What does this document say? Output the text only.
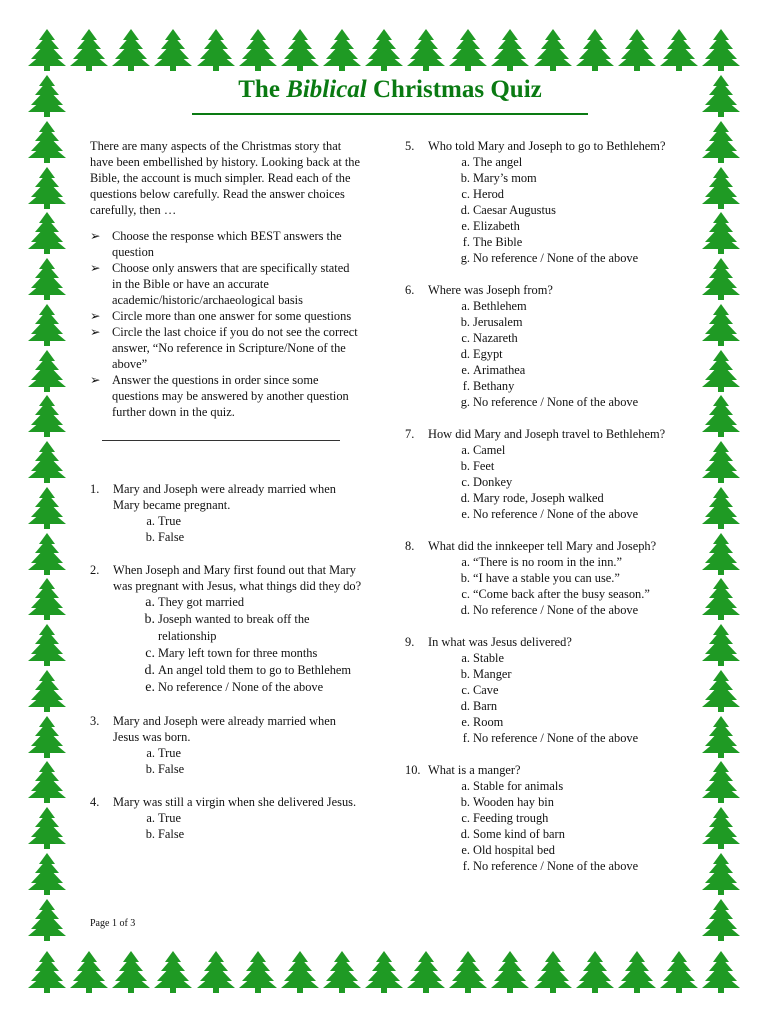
The Biblical Christmas Quiz

There are many aspects of the Christmas story that have been embellished by history. Looking back at the Bible, the account is much simpler. Read each of the questions below carefully. Read the answer choices carefully, then …

➢ Choose the response which BEST answers the question
➢ Choose only answers that are specifically stated in the Bible or have an accurate academic/historic/archaeological basis
➢ Circle more than one answer for some questions
➢ Circle the last choice if you do not see the correct answer, “No reference in Scripture/None of the above”
➢ Answer the questions in order since some questions may be answered by another question further down in the quiz.
1. Mary and Joseph were already married when Mary became pregnant.
a. True
b. False
2. When Joseph and Mary first found out that Mary was pregnant with Jesus, what things did they do?
a. They got married
b. Joseph wanted to break off the relationship
c. Mary left town for three months
d. An angel told them to go to Bethlehem
e. No reference / None of the above
3. Mary and Joseph were already married when Jesus was born.
a. True
b. False
4. Mary was still a virgin when she delivered Jesus.
a. True
b. False
5. Who told Mary and Joseph to go to Bethlehem?
a. The angel
b. Mary’s mom
c. Herod
d. Caesar Augustus
e. Elizabeth
f. The Bible
g. No reference / None of the above
6. Where was Joseph from?
a. Bethlehem
b. Jerusalem
c. Nazareth
d. Egypt
e. Arimathea
f. Bethany
g. No reference / None of the above
7. How did Mary and Joseph travel to Bethlehem?
a. Camel
b. Feet
c. Donkey
d. Mary rode, Joseph walked
e. No reference / None of the above
8. What did the innkeeper tell Mary and Joseph?
a. “There is no room in the inn.”
b. “I have a stable you can use.”
c. “Come back after the busy season.”
d. No reference / None of the above
9. In what was Jesus delivered?
a. Stable
b. Manger
c. Cave
d. Barn
e. Room
f. No reference / None of the above
10. What is a manger?
a. Stable for animals
b. Wooden hay bin
c. Feeding trough
d. Some kind of barn
e. Old hospital bed
f. No reference / None of the above
Page 1 of 3
